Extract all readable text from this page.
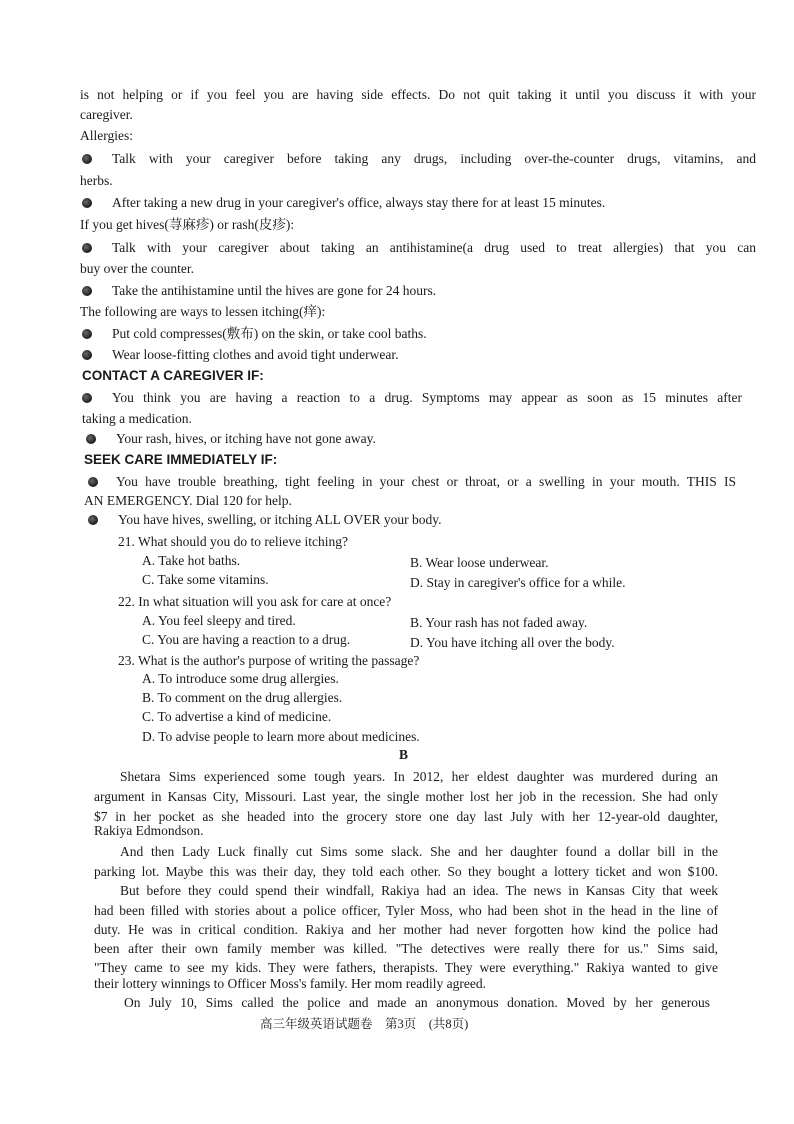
is not helping or if you feel you are having side effects. Do not quit taking it until you discuss it with your
caregiver.
Allergies:
Talk with your caregiver before taking any drugs, including over-the-counter drugs, vitamins, and
herbs.
After taking a new drug in your caregiver's office, always stay there for at least 15 minutes.
If you get hives(荨麻疹) or rash(皮疹):
Talk with your caregiver about taking an antihistamine(a drug used to treat allergies) that you can
buy over the counter.
Take the antihistamine until the hives are gone for 24 hours.
The following are ways to lessen itching(痒):
Put cold compresses(敷布) on the skin, or take cool baths.
Wear loose-fitting clothes and avoid tight underwear.
CONTACT A CAREGIVER IF:
You think you are having a reaction to a drug. Symptoms may appear as soon as 15 minutes after
taking a medication.
Your rash, hives, or itching have not gone away.
SEEK CARE IMMEDIATELY IF:
You have trouble breathing, tight feeling in your chest or throat, or a swelling in your mouth. THIS IS
AN EMERGENCY. Dial 120 for help.
You have hives, swelling, or itching ALL OVER your body.
21. What should you do to relieve itching?
A. Take hot baths.	B. Wear loose underwear.
C. Take some vitamins.	D. Stay in caregiver's office for a while.
22. In what situation will you ask for care at once?
A. You feel sleepy and tired.	B. Your rash has not faded away.
C. You are having a reaction to a drug.	D. You have itching all over the body.
23. What is the author's purpose of writing the passage?
A. To introduce some drug allergies.
B. To comment on the drug allergies.
C. To advertise a kind of medicine.
D. To advise people to learn more about medicines.
B
Shetara Sims experienced some tough years. In 2012, her eldest daughter was murdered during an
argument in Kansas City, Missouri. Last year, the single mother lost her job in the recession. She had only
$7 in her pocket as she headed into the grocery store one day last July with her 12-year-old daughter,
Rakiya Edmondson.
And then Lady Luck finally cut Sims some slack. She and her daughter found a dollar bill in the
parking lot. Maybe this was their day, they told each other. So they bought a lottery ticket and won $100.
But before they could spend their windfall, Rakiya had an idea. The news in Kansas City that week
had been filled with stories about a police officer, Tyler Moss, who had been shot in the head in the line of
duty. He was in critical condition. Rakiya and her mother had never forgotten how kind the police had
been after their own family member was killed. "The detectives were really there for us." Sims said,
"They came to see my kids. They were fathers, therapists. They were everything." Rakiya wanted to give
their lottery winnings to Officer Moss's family. Her mom readily agreed.
On July 10, Sims called the police and made an anonymous donation. Moved by her generous
高三年级英语试题卷　第3页　(共8页)
